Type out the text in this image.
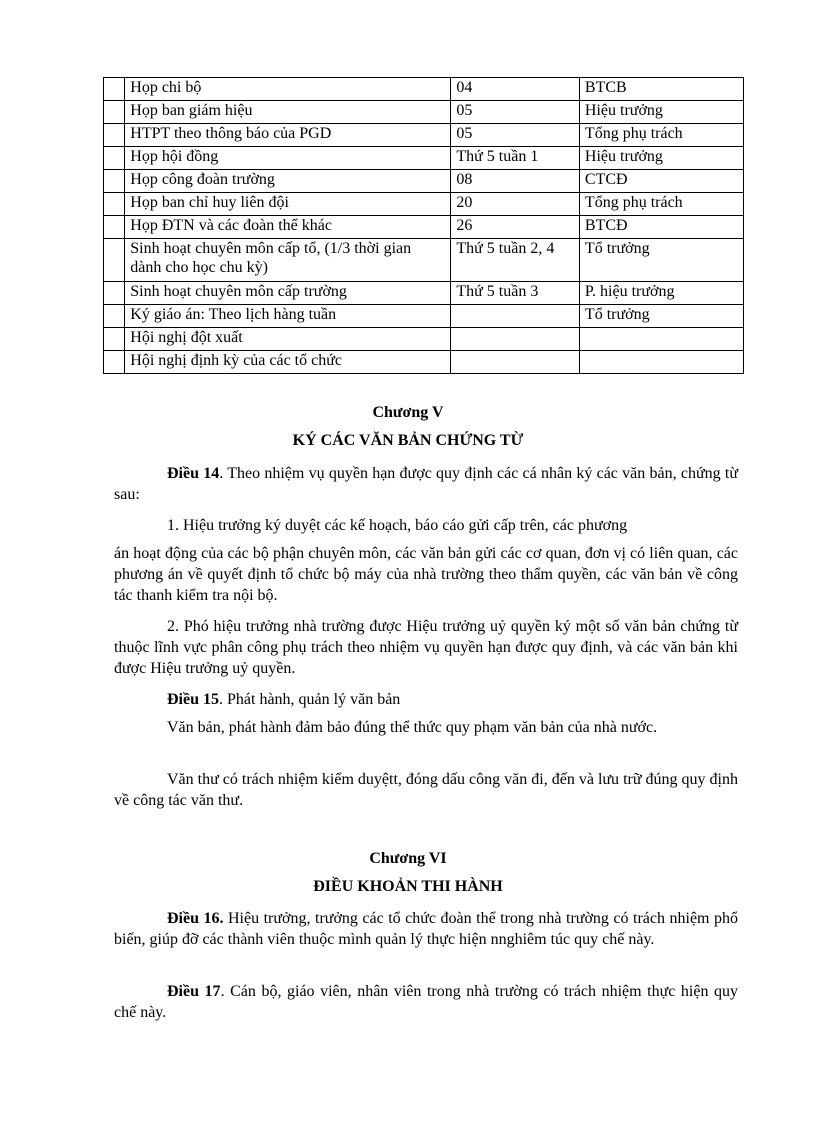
	Họp chi bộ	04	BTCB
	Họp ban giám hiệu	05	Hiệu trưởng
	HTPT theo thông báo của PGD	05	Tổng phụ trách
	Họp hội đồng	Thứ 5 tuần 1	Hiệu trưởng
	Họp công đoàn trường	08	CTCĐ
	Họp ban chỉ huy liên đội	20	Tổng phụ trách
	Họp ĐTN và các đoàn thể khác	26	BTCĐ
	Sinh hoạt chuyên môn cấp tổ, (1/3 thời gian dành cho học chu kỳ)	Thứ 5 tuần 2, 4	Tổ trưởng
	Sinh hoạt chuyên môn cấp trường	Thứ 5 tuần 3	P. hiệu trưởng
	Ký giáo án: Theo lịch hàng tuần		Tổ trưởng
	Hội nghị đột xuất		
	Hội nghị định kỳ của các tổ chức		
Chương V
KÝ CÁC VĂN BẢN CHỨNG TỪ
Điều 14. Theo nhiệm vụ quyền hạn được quy định các cá nhân ký các văn bản, chứng từ sau:
1. Hiệu trưởng ký duyệt các kế hoạch, báo cáo gửi cấp trên, các phương
án hoạt động của các bộ phận chuyên môn, các văn bản gửi các cơ quan, đơn vị có liên quan, các phương án về quyết định tổ chức bộ máy của nhà trường theo thẩm quyền, các văn bản về công tác thanh kiểm tra nội bộ.
2. Phó hiệu trưởng nhà trường được Hiệu trưởng uỷ quyền ký một số văn bản chứng từ thuộc lĩnh vực phân công phụ trách theo nhiệm vụ quyền hạn được quy định, và các văn bản khi được Hiệu trưởng uỷ quyền.
Điều 15. Phát hành, quản lý văn bản
Văn bản, phát hành đảm bảo đúng thể thức quy phạm văn bản của nhà nước.
Văn thư có trách nhiệm kiểm duyệtt, đóng dấu công văn đi, đến và lưu trữ đúng quy định về công tác văn thư.
Chương VI
ĐIỀU KHOẢN THI HÀNH
Điều 16. Hiệu trưởng, trưởng các tổ chức đoàn thể trong nhà trường có trách nhiệm phổ biến, giúp đỡ các thành viên thuộc mình quản lý thực hiện nnghiêm túc quy chế này.
Điều 17. Cán bộ, giáo viên, nhân viên trong nhà trường có trách nhiệm thực hiện quy chế này.
